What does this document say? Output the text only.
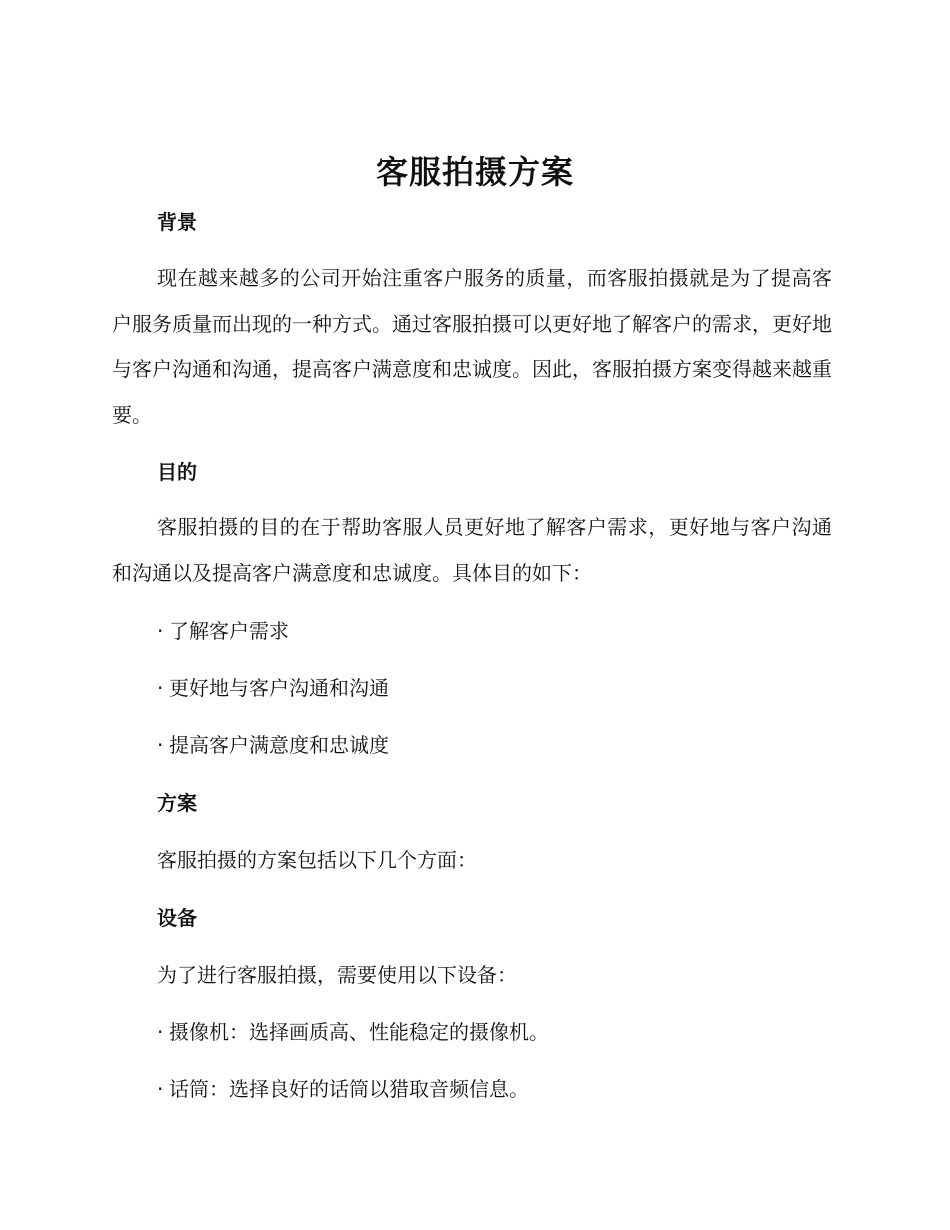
客服拍摄方案
背景

现在越来越多的公司开始注重客户服务的质量，而客服拍摄就是为了提高客户服务质量而出现的一种方式。通过客服拍摄可以更好地了解客户的需求，更好地与客户沟通和沟通，提高客户满意度和忠诚度。因此，客服拍摄方案变得越来越重要。

目的

客服拍摄的目的在于帮助客服人员更好地了解客户需求，更好地与客户沟通和沟通以及提高客户满意度和忠诚度。具体目的如下：

· 了解客户需求
· 更好地与客户沟通和沟通
· 提高客户满意度和忠诚度
方案
客服拍摄的方案包括以下几个方面：
设备
为了进行客服拍摄，需要使用以下设备：
· 摄像机：选择画质高、性能稳定的摄像机。
· 话筒：选择良好的话筒以猎取音频信息。
